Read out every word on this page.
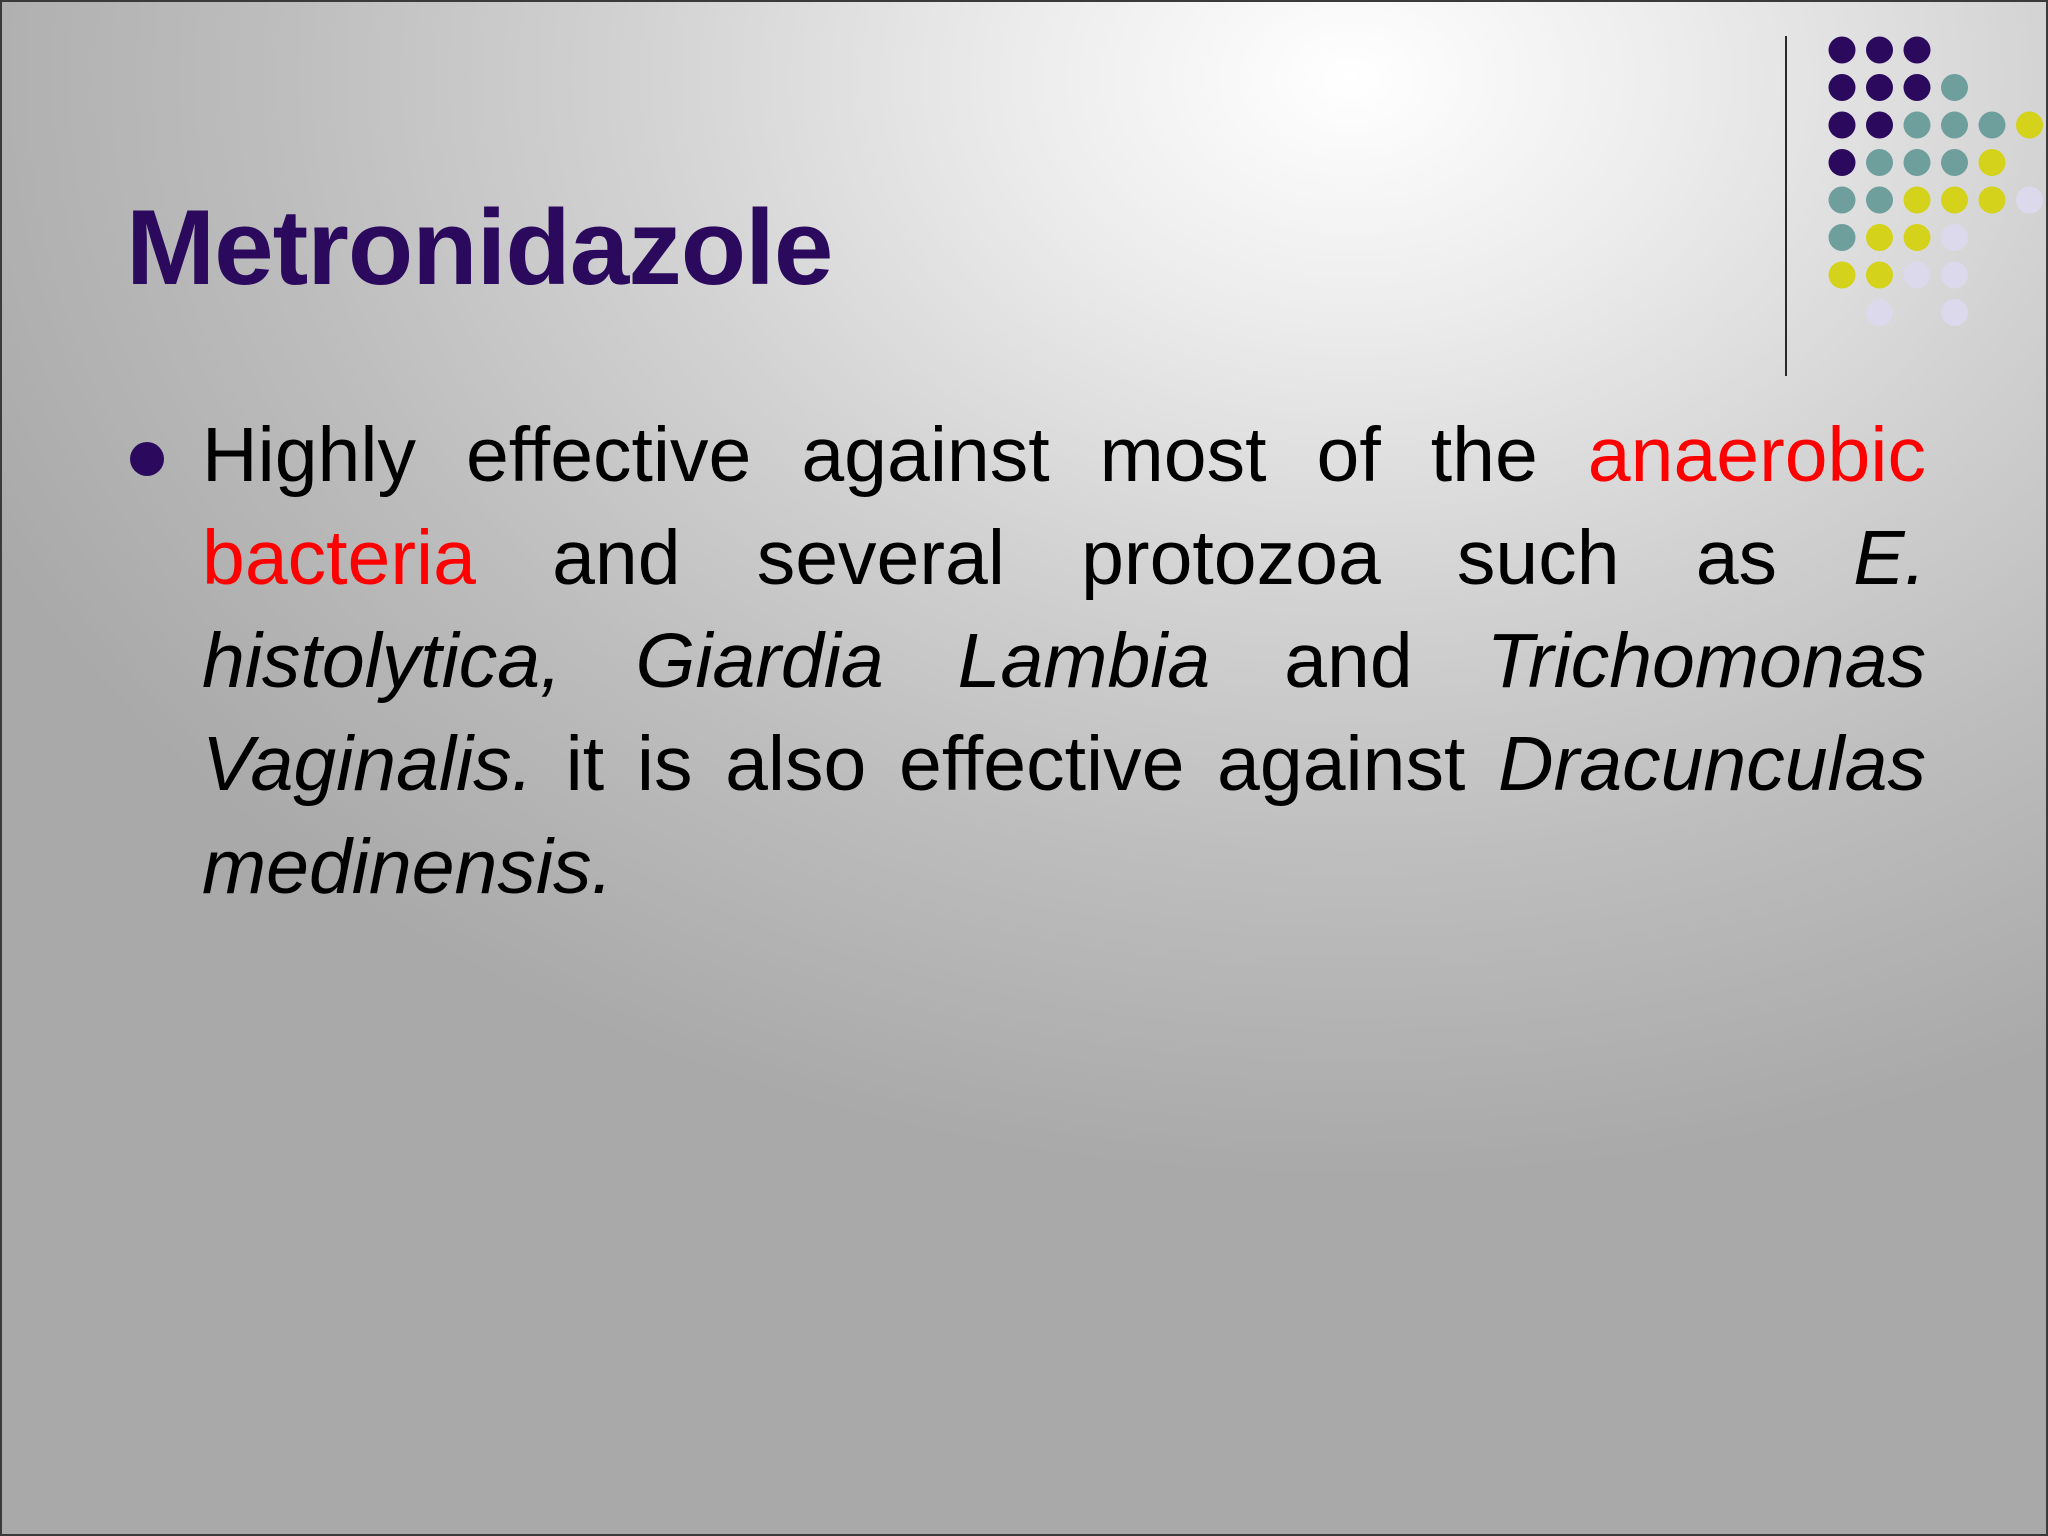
Metronidazole

Highly effective against most of the anaerobic bacteria and several protozoa such as E. histolytica, Giardia Lambia and Trichomonas Vaginalis. it is also effective against Dracunculas medinensis.
